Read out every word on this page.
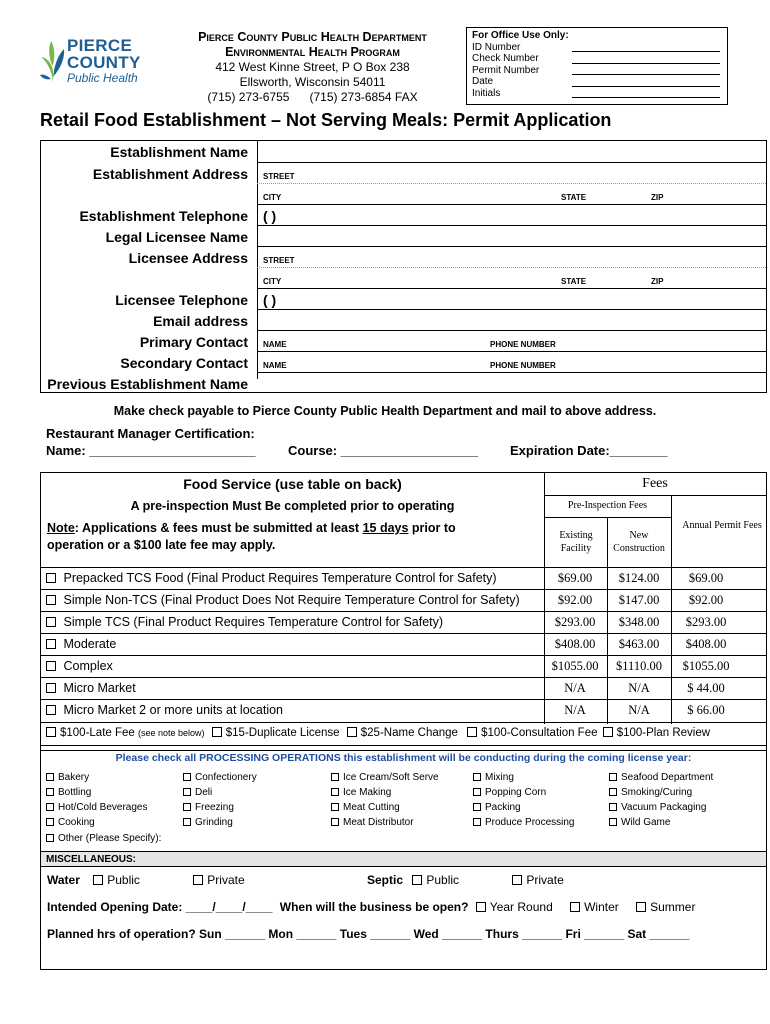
PIERCE
COUNTY
Public Health
Pierce County Public Health Department
Environmental Health Program
412 West Kinne Street, P O Box 238
Ellsworth, Wisconsin 54011
(715) 273-6755 (715) 273-6854 FAX
For Office Use Only:
ID Number
Check Number
Permit Number
Date
Initials
Retail Food Establishment – Not Serving Meals: Permit Application
Establishment Name
Establishment Address STREET
CITY	STATE	ZIP
Establishment Telephone ( )
Legal Licensee Name
Licensee Address STREET
CITY	STATE	ZIP
Licensee Telephone ( )
Email address
Primary Contact NAME	PHONE NUMBER
Secondary Contact NAME	PHONE NUMBER
Previous Establishment Name
Make check payable to Pierce County Public Health Department and mail to above address.
Restaurant Manager Certification:
Name: _______________________ Course: ___________________ Expiration Date:________
Food Service (use table on back)
A pre-inspection Must Be completed prior to operating
Note: Applications & fees must be submitted at least 15 days prior to
operation or a $100 late fee may apply.
Fees
Pre-Inspection Fees
Existing Facility
New Construction
Annual Permit Fees
Prepacked TCS Food (Final Product Requires Temperature Control for Safety)	$69.00	$124.00	$69.00
Simple Non-TCS (Final Product Does Not Require Temperature Control for Safety)	$92.00	$147.00	$92.00
Simple TCS (Final Product Requires Temperature Control for Safety)	$293.00	$348.00	$293.00
Moderate	$408.00	$463.00	$408.00
Complex	$1055.00	$1110.00	$1055.00
Micro Market	N/A	N/A	$ 44.00
Micro Market 2 or more units at location	N/A	N/A	$ 66.00
$100-Late Fee (see note below) $15-Duplicate License $25-Name Change $100-Consultation Fee $100-Plan Review
Please check all PROCESSING OPERATIONS this establishment will be conducting during the coming license year:
Bakery
Bottling
Hot/Cold Beverages
Cooking
Confectionery
Deli
Freezing
Grinding
Ice Cream/Soft Serve
Ice Making
Meat Cutting
Meat Distributor
Mixing
Popping Corn
Packing
Produce Processing
Seafood Department
Smoking/Curing
Vacuum Packaging
Wild Game
Other (Please Specify):
MISCELLANEOUS:
Water Public	Private	Septic Public	Private
Intended Opening Date: ____/____/____ When will the business be open? Year Round	Winter	Summer
Planned hrs of operation? Sun ______ Mon ______ Tues ______ Wed ______ Thurs ______ Fri ______ Sat ______
